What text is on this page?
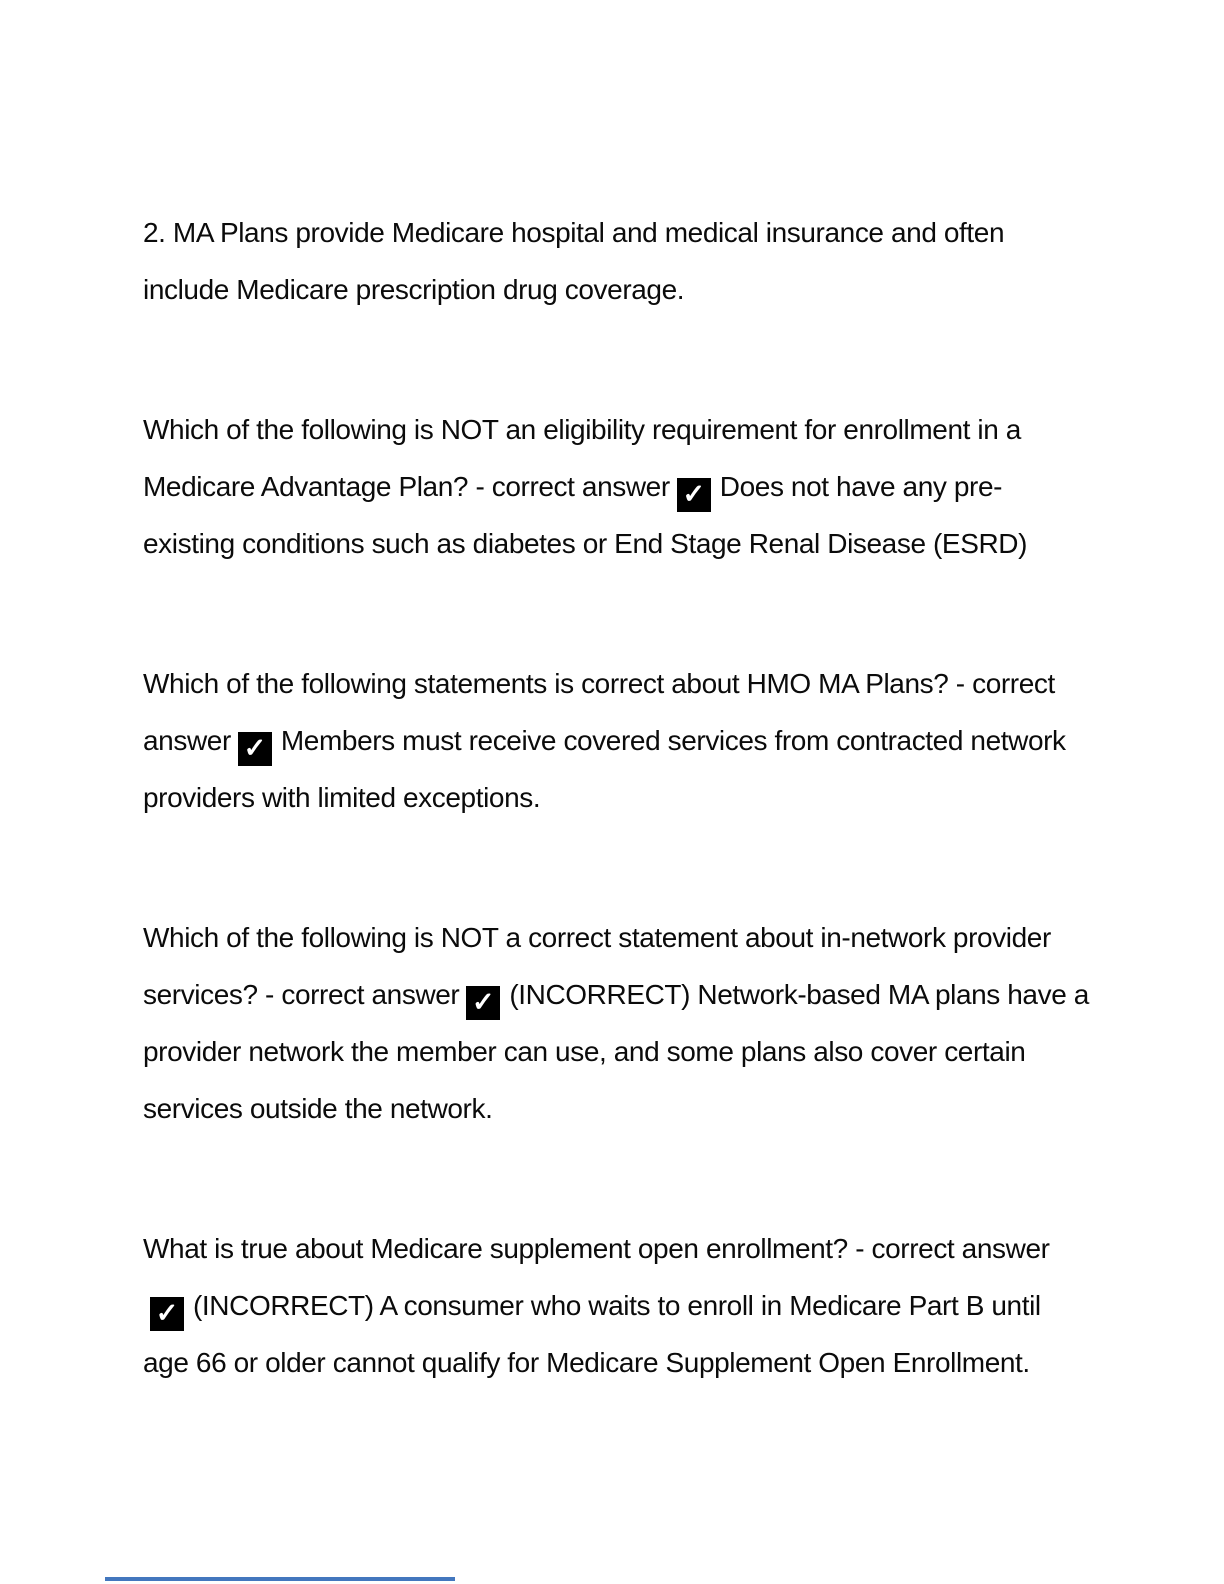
2. MA Plans provide Medicare hospital and medical insurance and often include Medicare prescription drug coverage.

Which of the following is NOT an eligibility requirement for enrollment in a Medicare Advantage Plan? - correct answer ✓ Does not have any pre-existing conditions such as diabetes or End Stage Renal Disease (ESRD)

Which of the following statements is correct about HMO MA Plans? - correct answer ✓ Members must receive covered services from contracted network providers with limited exceptions.

Which of the following is NOT a correct statement about in-network provider services? - correct answer ✓ (INCORRECT) Network-based MA plans have a provider network the member can use, and some plans also cover certain services outside the network.

What is true about Medicare supplement open enrollment? - correct answer
✓ (INCORRECT) A consumer who waits to enroll in Medicare Part B until age 66 or older cannot qualify for Medicare Supplement Open Enrollment.
